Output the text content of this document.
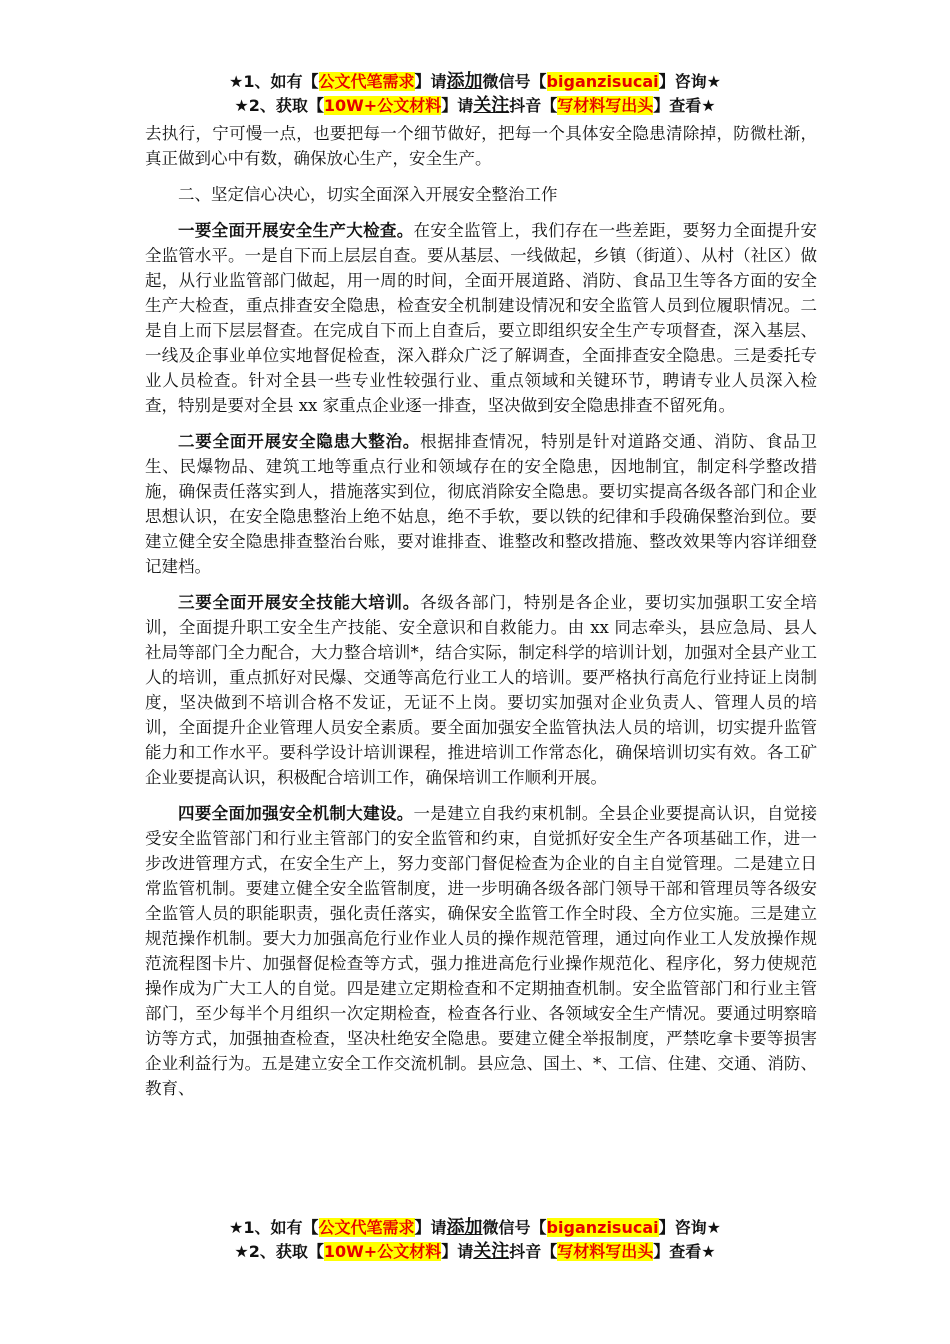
★1、如有【公文代笔需求】请添加微信号【biganzisucai】咨询★
★2、获取【10W+公文材料】请关注抖音【写材料写出头】查看★

去执行，宁可慢一点，也要把每一个细节做好，把每一个具体安全隐患清除掉，防微杜渐，真正做到心中有数，确保放心生产，安全生产。

二、坚定信心决心，切实全面深入开展安全整治工作

一要全面开展安全生产大检查。在安全监管上，我们存在一些差距，要努力全面提升安全监管水平。一是自下而上层层自查。要从基层、一线做起，乡镇（街道）、从村（社区）做起，从行业监管部门做起，用一周的时间，全面开展道路、消防、食品卫生等各方面的安全生产大检查，重点排查安全隐患，检查安全机制建设情况和安全监管人员到位履职情况。二是自上而下层层督查。在完成自下而上自查后，要立即组织安全生产专项督查，深入基层、一线及企事业单位实地督促检查，深入群众广泛了解调查，全面排查安全隐患。三是委托专业人员检查。针对全县一些专业性较强行业、重点领域和关键环节，聘请专业人员深入检查，特别是要对全县 xx 家重点企业逐一排查，坚决做到安全隐患排查不留死角。

二要全面开展安全隐患大整治。根据排查情况，特别是针对道路交通、消防、食品卫生、民爆物品、建筑工地等重点行业和领域存在的安全隐患，因地制宜，制定科学整改措施，确保责任落实到人，措施落实到位，彻底消除安全隐患。要切实提高各级各部门和企业思想认识，在安全隐患整治上绝不姑息，绝不手软，要以铁的纪律和手段确保整治到位。要建立健全安全隐患排查整治台账，要对谁排查、谁整改和整改措施、整改效果等内容详细登记建档。

三要全面开展安全技能大培训。各级各部门，特别是各企业，要切实加强职工安全培训，全面提升职工安全生产技能、安全意识和自救能力。由 xx 同志牵头，县应急局、县人社局等部门全力配合，大力整合培训*，结合实际，制定科学的培训计划，加强对全县产业工人的培训，重点抓好对民爆、交通等高危行业工人的培训。要严格执行高危行业持证上岗制度，坚决做到不培训合格不发证，无证不上岗。要切实加强对企业负责人、管理人员的培训，全面提升企业管理人员安全素质。要全面加强安全监管执法人员的培训，切实提升监管能力和工作水平。要科学设计培训课程，推进培训工作常态化，确保培训切实有效。各工矿企业要提高认识，积极配合培训工作，确保培训工作顺利开展。

四要全面加强安全机制大建设。一是建立自我约束机制。全县企业要提高认识，自觉接受安全监管部门和行业主管部门的安全监管和约束，自觉抓好安全生产各项基础工作，进一步改进管理方式，在安全生产上，努力变部门督促检查为企业的自主自觉管理。二是建立日常监管机制。要建立健全安全监管制度，进一步明确各级各部门领导干部和管理员等各级安全监管人员的职能职责，强化责任落实，确保安全监管工作全时段、全方位实施。三是建立规范操作机制。要大力加强高危行业作业人员的操作规范管理，通过向作业工人发放操作规范流程图卡片、加强督促检查等方式，强力推进高危行业操作规范化、程序化，努力使规范操作成为广大工人的自觉。四是建立定期检查和不定期抽查机制。安全监管部门和行业主管部门，至少每半个月组织一次定期检查，检查各行业、各领域安全生产情况。要通过明察暗访等方式，加强抽查检查，坚决杜绝安全隐患。要建立健全举报制度，严禁吃拿卡要等损害企业利益行为。五是建立安全工作交流机制。县应急、国土、*、工信、住建、交通、消防、教育、

★1、如有【公文代笔需求】请添加微信号【biganzisucai】咨询★
★2、获取【10W+公文材料】请关注抖音【写材料写出头】查看★
